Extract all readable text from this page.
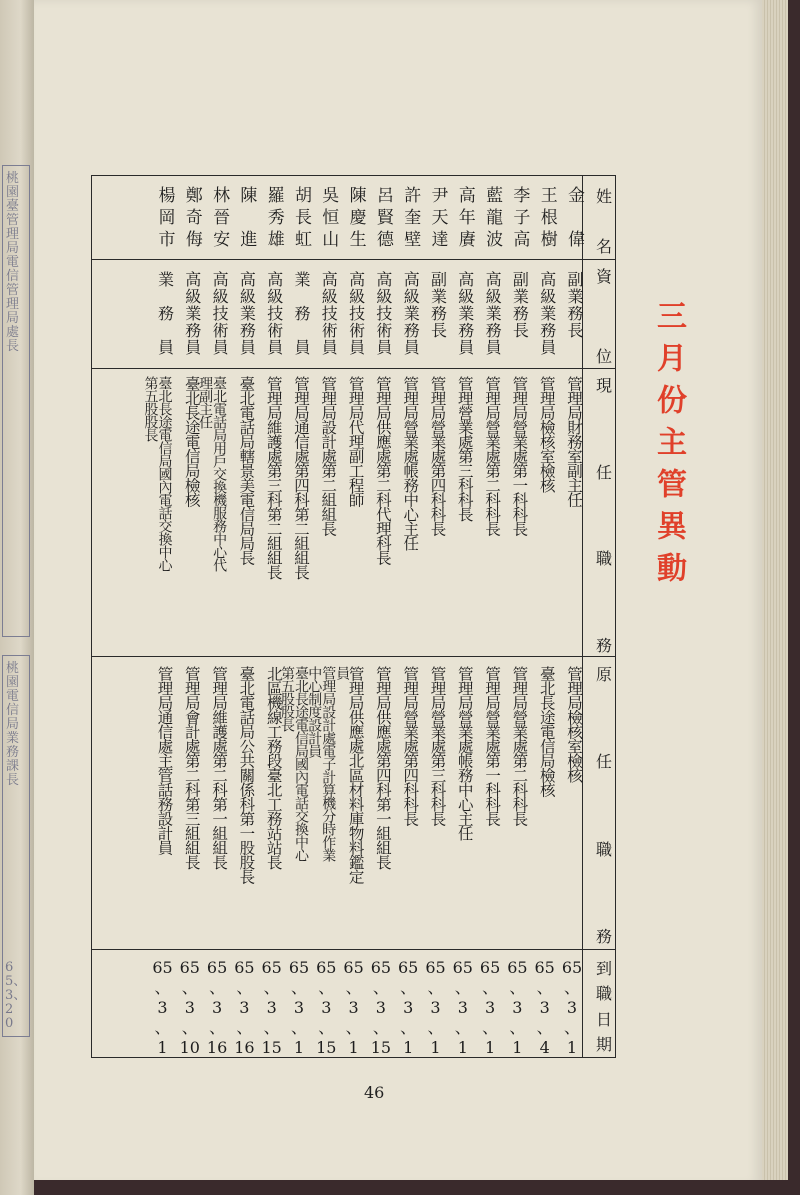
桃園臺管理局電信管理局處長
桃園電信局業務課長
65、3、20
三月份主管異動
姓
名
資
位
現
任
職
務
原
任
職
務
到
職
日
期
金　偉
副業務長
管理局財務室副主任
管理局檢核室檢核
65
、
3
、
1
王根樹
高級業務員
管理局檢核室檢核
臺北長途電信局檢核
65
、
3
、
4
李子高
副業務長
管理局營業處第一科科長
管理局營業處第二科科長
65
、
3
、
1
藍龍波
高級業務員
管理局營業處第二科科長
管理局營業處第一科科長
65
、
3
、
1
高年賡
高級業務員
管理營業處第三科科長
管理局營業處帳務中心主任
65
、
3
、
1
尹天達
副業務長
管理局營業處第四科科長
管理局營業處第三科科長
65
、
3
、
1
許奎壁
高級業務員
管理局營業處帳務中心主任
管理局營業處第四科科長
65
、
3
、
1
呂賢德
高級技術員
管理局供應處第二科代理科長
管理局供應處第四科第一組組長
65
、
3
、
15
陳慶生
高級技術員
管理局代理副工程師
管理局供應處北區材料庫物料鑑定
65
、
3
、
1
吳恒山
高級技術員
管理局設計處第二組組長
員
管理局設計處電子計算機分時作業
中心制度設計員
65
、
3
、
15
胡長虹
業　務　員
管理局通信處第四科第二組組長
臺北長途電信局國內電話交換中心
第五股股長
65
、
3
、
1
羅秀雄
高級技術員
管理局維護處第三科第二組組長
北區機線工務段臺北工務站站長
65
、
3
、
15
陳　進
高級業務員
臺北電話局轄景美電信局局長
臺北電話局公共關係科第一股股長
65
、
3
、
16
林晉安
高級技術員
臺北電話局用戶交換機服務中心代
理副主任
管理局維護處第二科第一組組長
65
、
3
、
16
鄭奇侮
高級業務員
臺北長途電信局檢核
管理局會計處第二科第三組組長
65
、
3
、
10
楊岡市
業　務　員
臺北長途電信局國內電話交換中心
第五股股長
管理局通信處主管話務設計員
65
、
3
、
1
46
